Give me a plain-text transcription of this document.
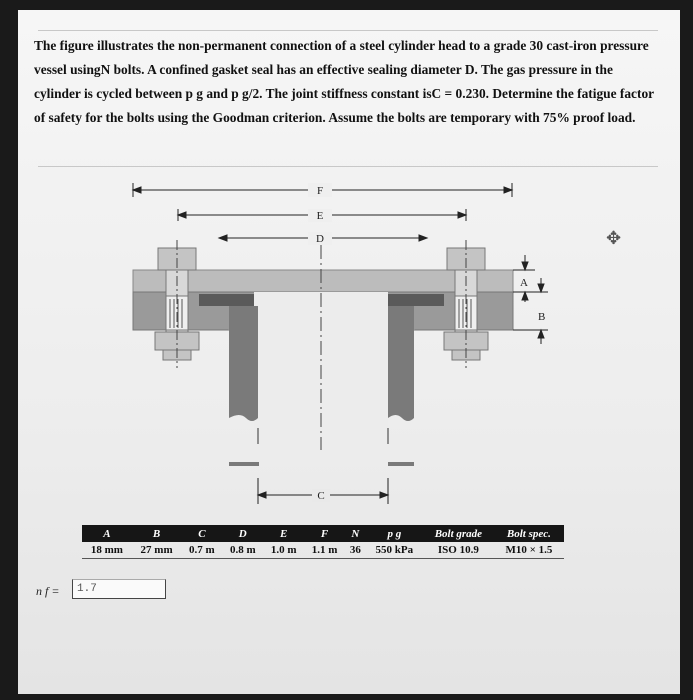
The figure illustrates the non-permanent connection of a steel cylinder head to a grade 30 cast-iron pressure vessel usingN bolts. A confined gasket seal has an effective sealing diameter D. The gas pressure in the cylinder is cycled between p g and p g/2. The joint stiffness constant isC = 0.230. Determine the fatigue factor of safety for the bolts using the Goodman criterion. Assume the bolts are temporary with 75% proof load.

F
E
D
A
B
C
✥
A	B	C	D	E	F	N	p g	Bolt grade	Bolt spec.
18 mm	27 mm	0.7 m	0.8 m	1.0 m	1.1 m	36	550 kPa	ISO 10.9	M10 × 1.5
n f =	1.7
